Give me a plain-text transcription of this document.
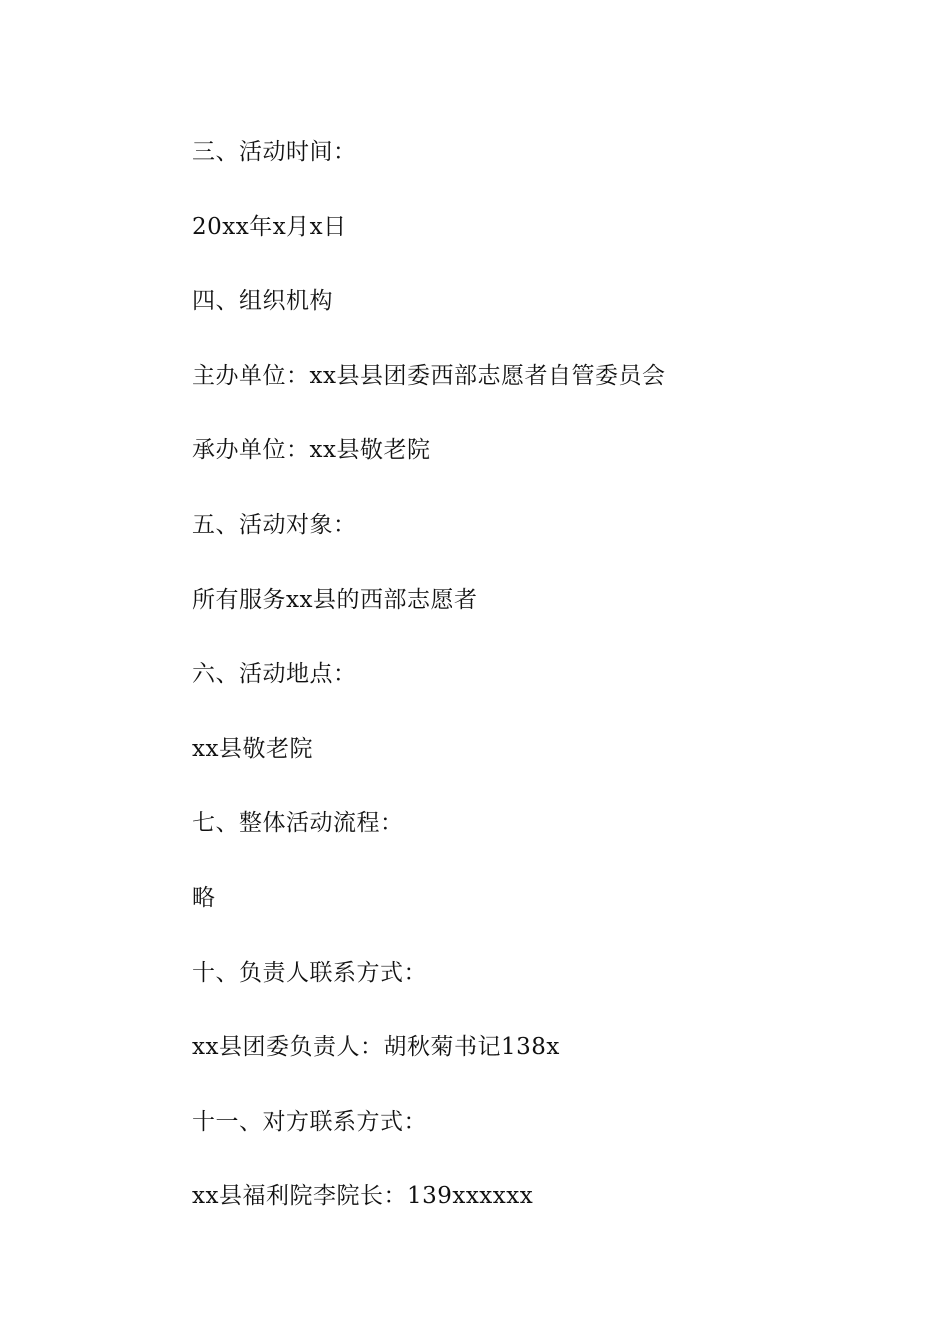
三、活动时间：
20xx年x月x日
四、组织机构
主办单位：xx县县团委西部志愿者自管委员会
承办单位：xx县敬老院
五、活动对象：
所有服务xx县的西部志愿者
六、活动地点：
xx县敬老院
七、整体活动流程：
略
十、负责人联系方式：
xx县团委负责人：胡秋菊书记138x
十一、对方联系方式：
xx县福利院李院长：139xxxxxx
